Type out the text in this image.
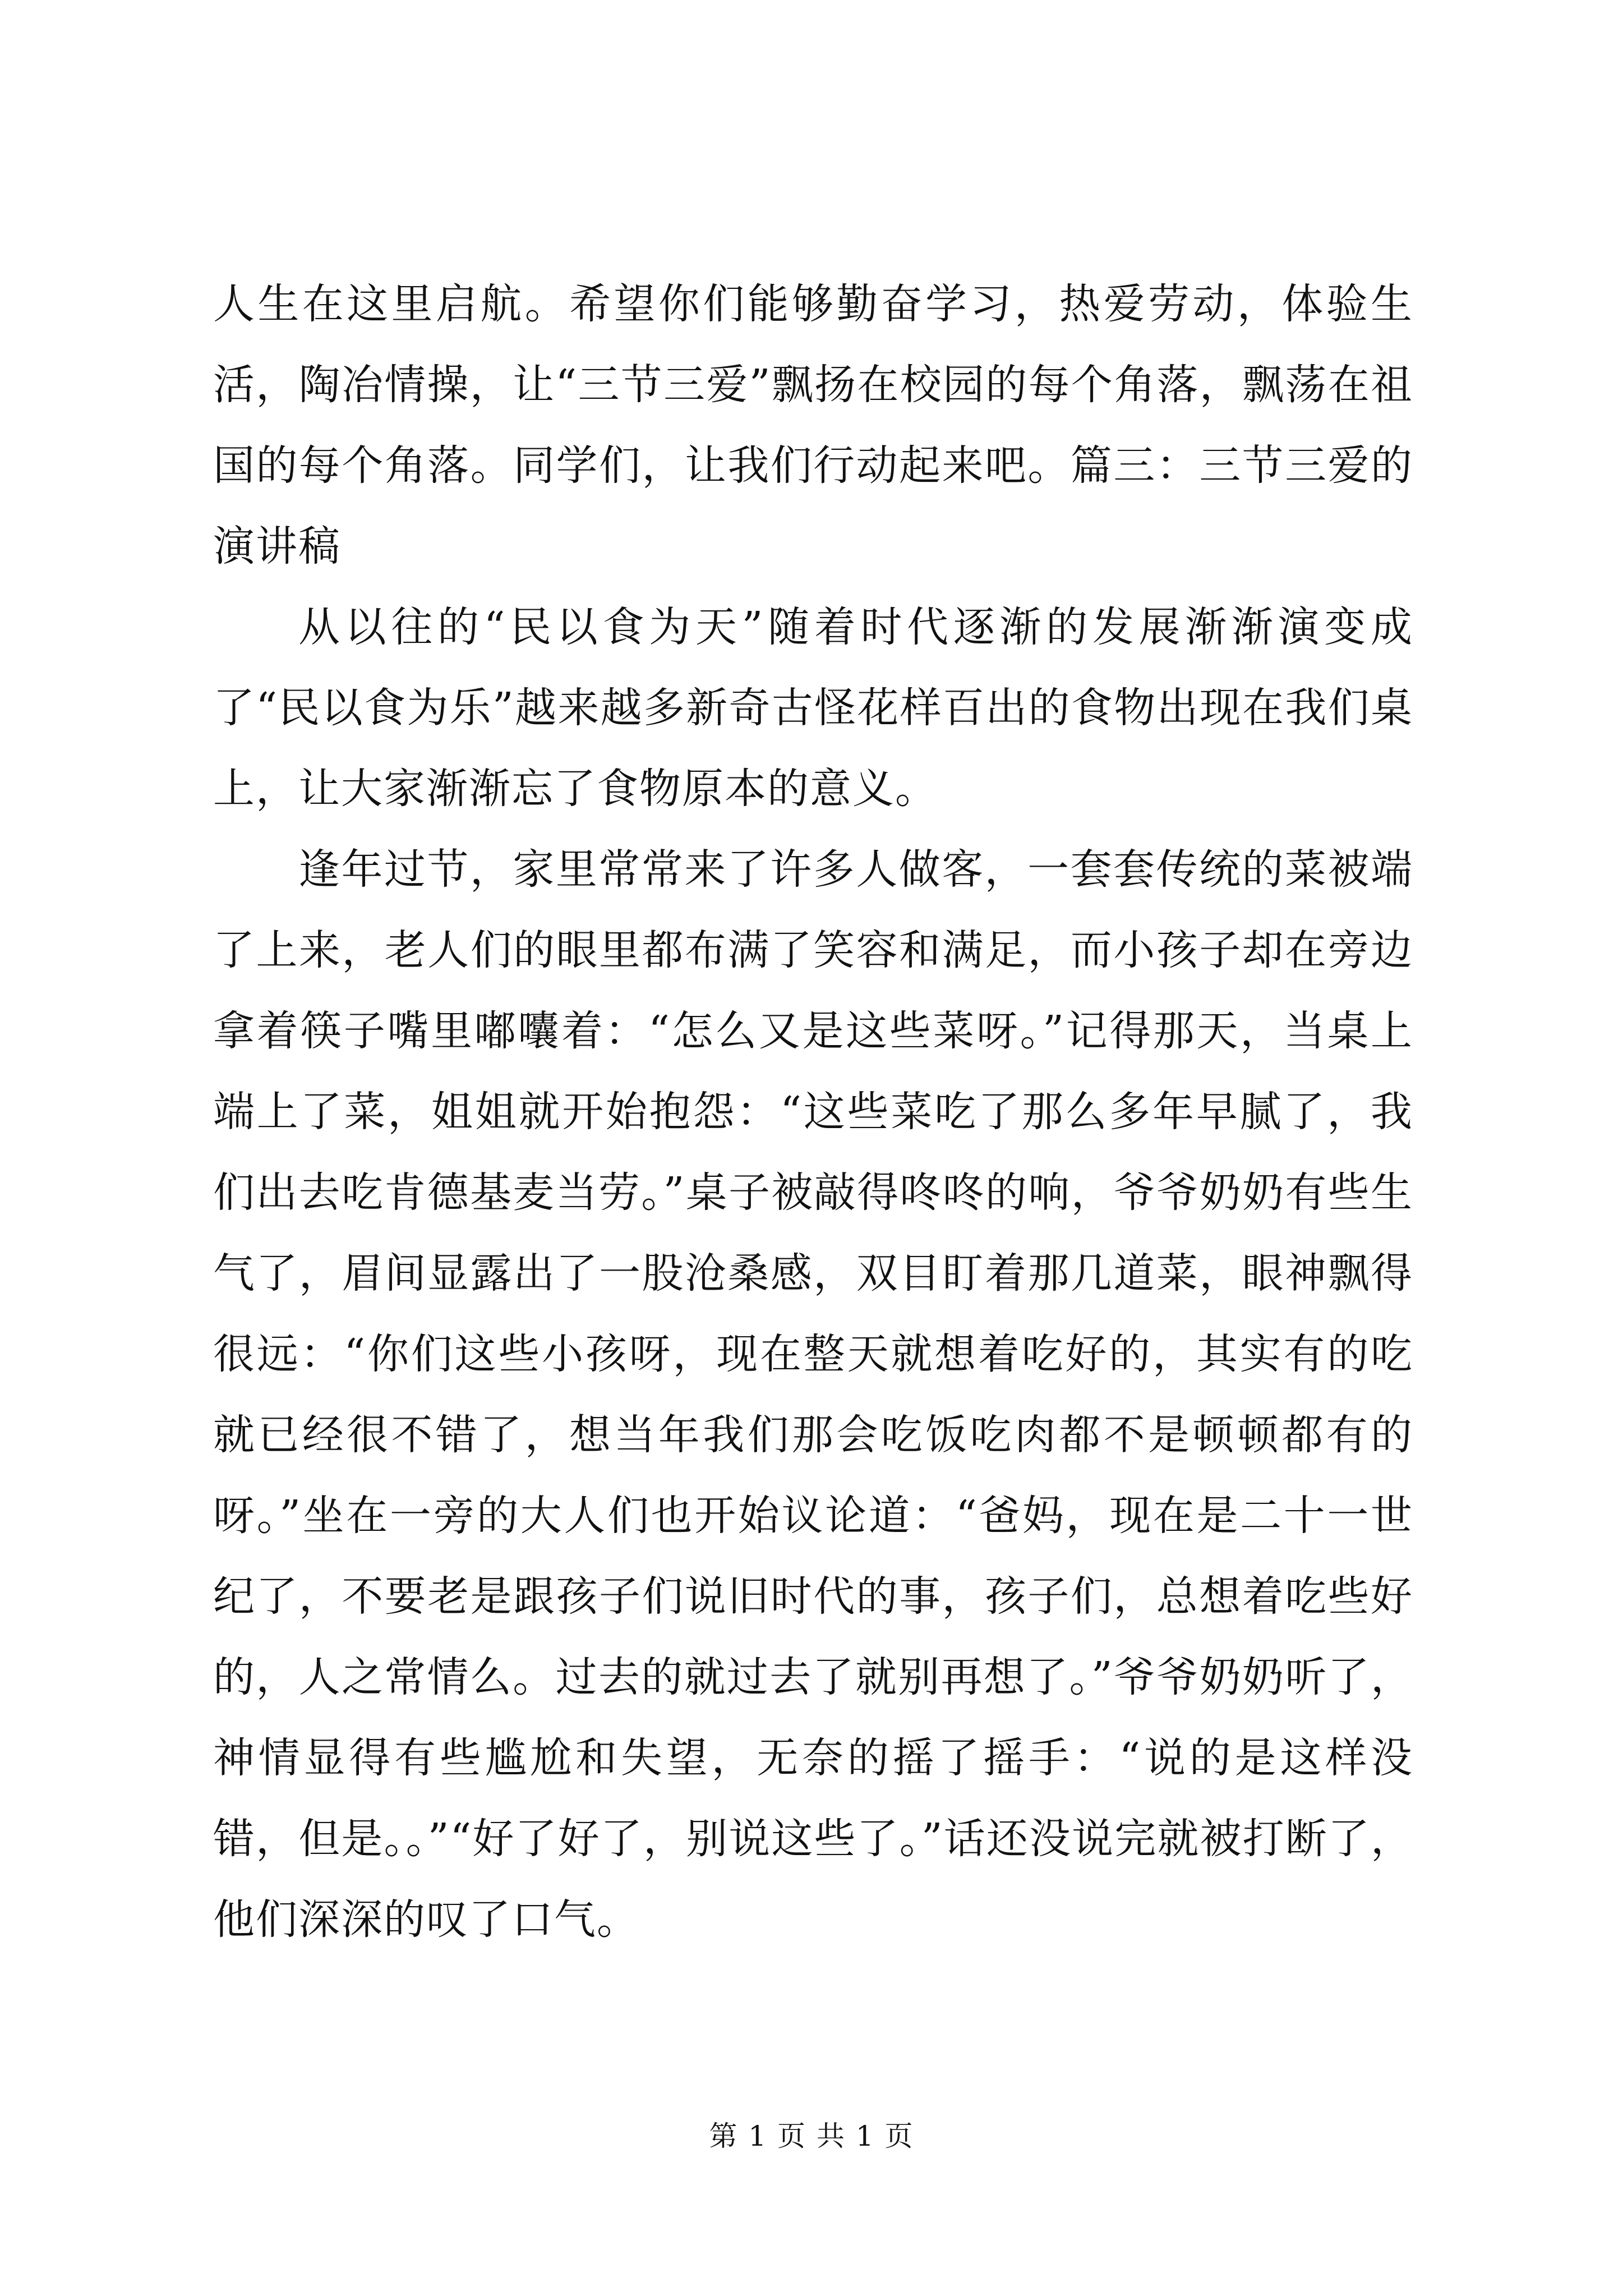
人生在这里启航。希望你们能够勤奋学习，热爱劳动，体验生活，陶冶情操，让“三节三爱”飘扬在校园的每个角落，飘荡在祖国的每个角落。同学们，让我们行动起来吧。篇三：三节三爱的演讲稿

从以往的“民以食为天”随着时代逐渐的发展渐渐演变成了“民以食为乐”越来越多新奇古怪花样百出的食物出现在我们桌上，让大家渐渐忘了食物原本的意义。

逢年过节，家里常常来了许多人做客，一套套传统的菜被端了上来，老人们的眼里都布满了笑容和满足，而小孩子却在旁边拿着筷子嘴里嘟囔着：“怎么又是这些菜呀。”记得那天，当桌上端上了菜，姐姐就开始抱怨：“这些菜吃了那么多年早腻了，我们出去吃肯德基麦当劳。”桌子被敲得咚咚的响，爷爷奶奶有些生气了，眉间显露出了一股沧桑感，双目盯着那几道菜，眼神飘得很远：“你们这些小孩呀，现在整天就想着吃好的，其实有的吃就已经很不错了，想当年我们那会吃饭吃肉都不是顿顿都有的呀。”坐在一旁的大人们也开始议论道：“爸妈，现在是二十一世纪了，不要老是跟孩子们说旧时代的事，孩子们，总想着吃些好的，人之常情么。过去的就过去了就别再想了。”爷爷奶奶听了，神情显得有些尴尬和失望，无奈的摇了摇手：“说的是这样没错，但是。。”“好了好了，别说这些了。”话还没说完就被打断了，他们深深的叹了口气。

第 1 页 共 1 页
